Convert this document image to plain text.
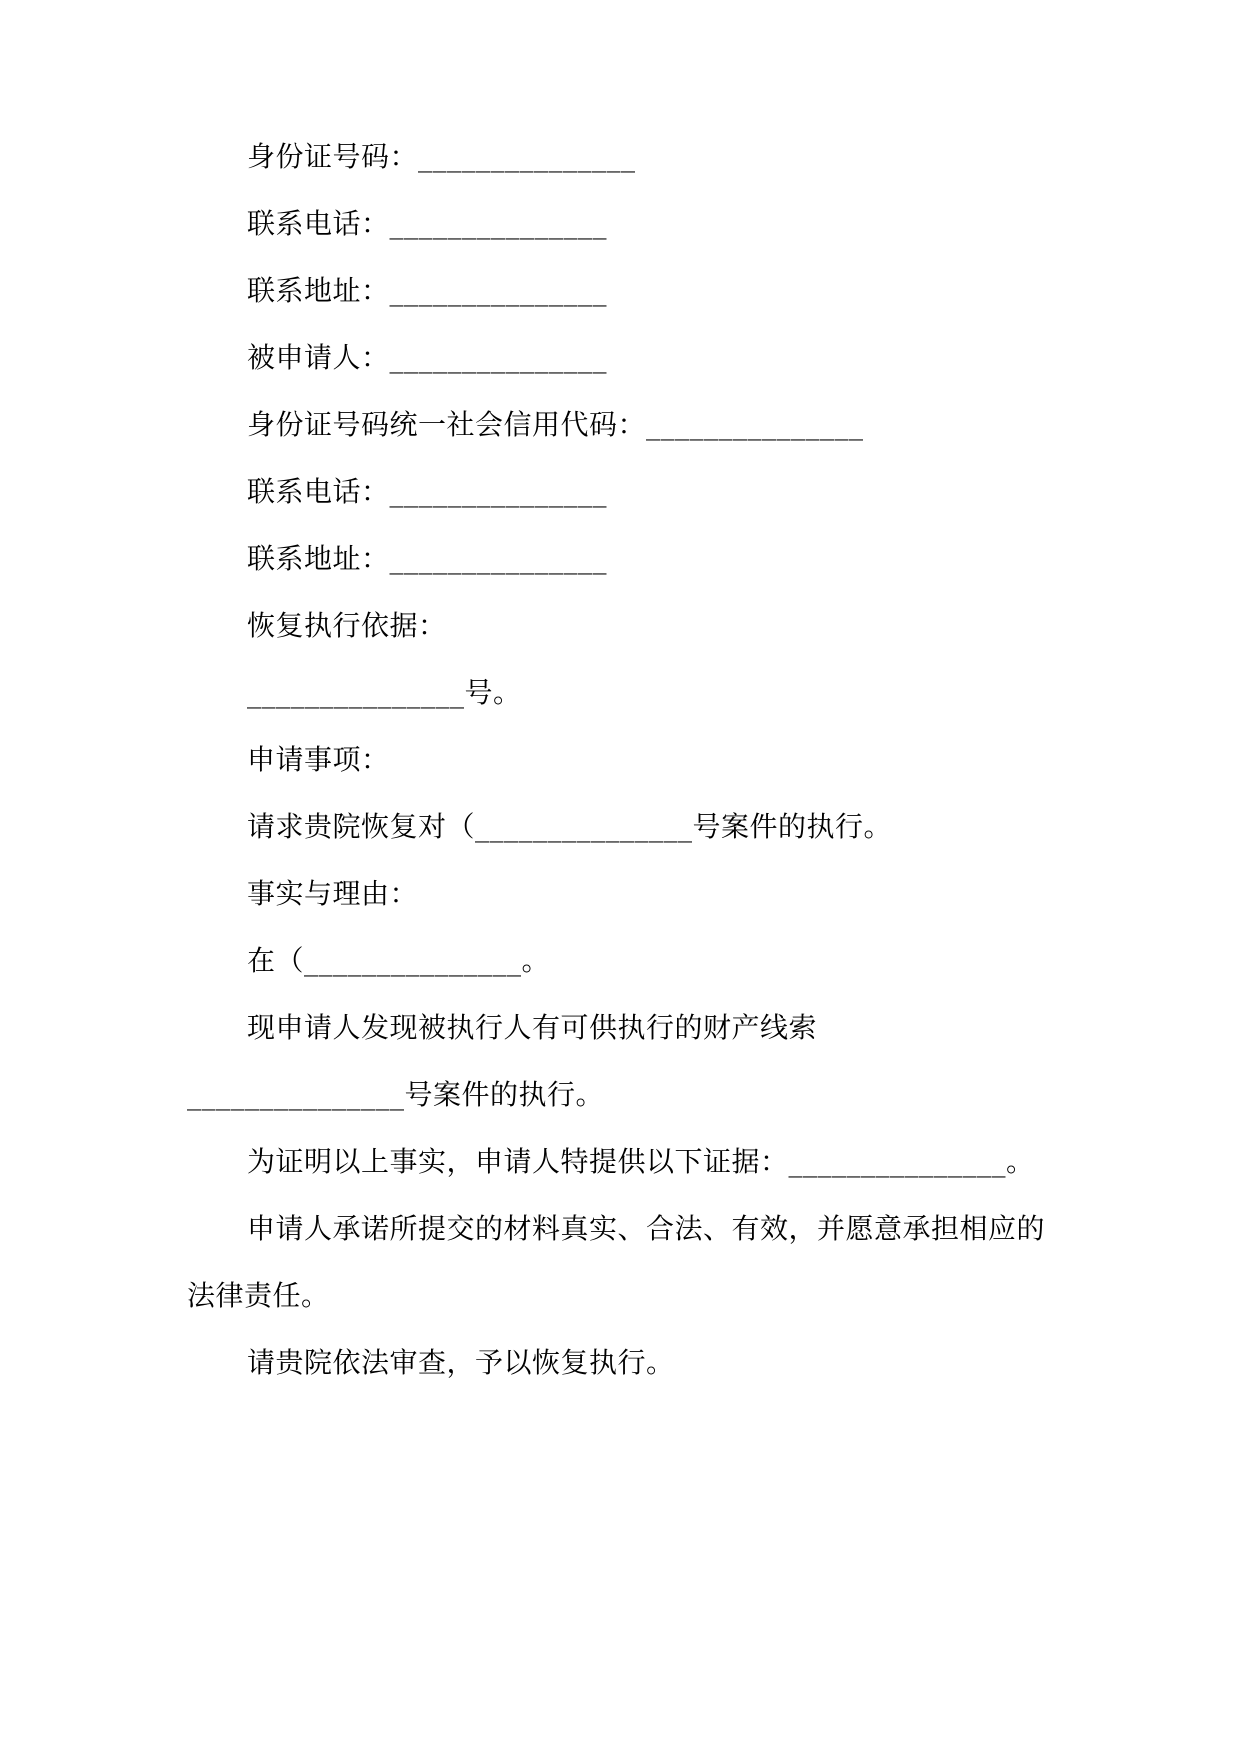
身份证号码：_______________
联系电话：_______________
联系地址：_______________
被申请人：_______________
身份证号码统一社会信用代码：_______________
联系电话：_______________
联系地址：_______________
恢复执行依据：
_______________号。
申请事项：
请求贵院恢复对（_______________号案件的执行。
事实与理由：
在（_______________。
现申请人发现被执行人有可供执行的财产线索
_______________号案件的执行。
为证明以上事实，申请人特提供以下证据：_______________。
申请人承诺所提交的材料真实、合法、有效，并愿意承担相应的
法律责任。
请贵院依法审查，予以恢复执行。
